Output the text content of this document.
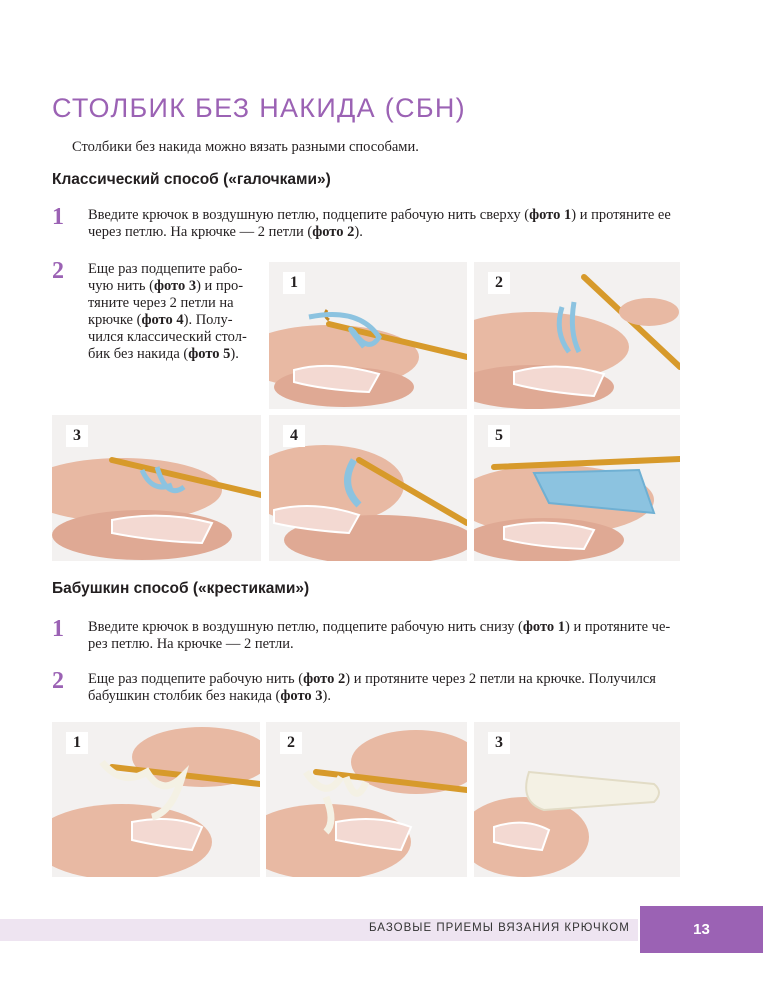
СТОЛБИК БЕЗ НАКИДА (СБН)
Столбики без накида можно вязать разными способами.
Классический способ («галочками»)
1 Введите крючок в воздушную петлю, подцепите рабочую нить сверху (фото 1) и протяните ее
через петлю. На крючке — 2 петли (фото 2).
2 Еще раз подцепите рабо-
чую нить (фото 3) и про-
тяните через 2 петли на
крючке (фото 4). Полу-
чился классический стол-
бик без накида (фото 5).
1	2
3	4	5
Бабушкин способ («крестиками»)
1 Введите крючок в воздушную петлю, подцепите рабочую нить снизу (фото 1) и протяните че-
рез петлю. На крючке — 2 петли.
2 Еще раз подцепите рабочую нить (фото 2) и протяните через 2 петли на крючке. Получился
бабушкин столбик без накида (фото 3).
1	2	3
БАЗОВЫЕ ПРИЕМЫ ВЯЗАНИЯ КРЮЧКОМ	13
